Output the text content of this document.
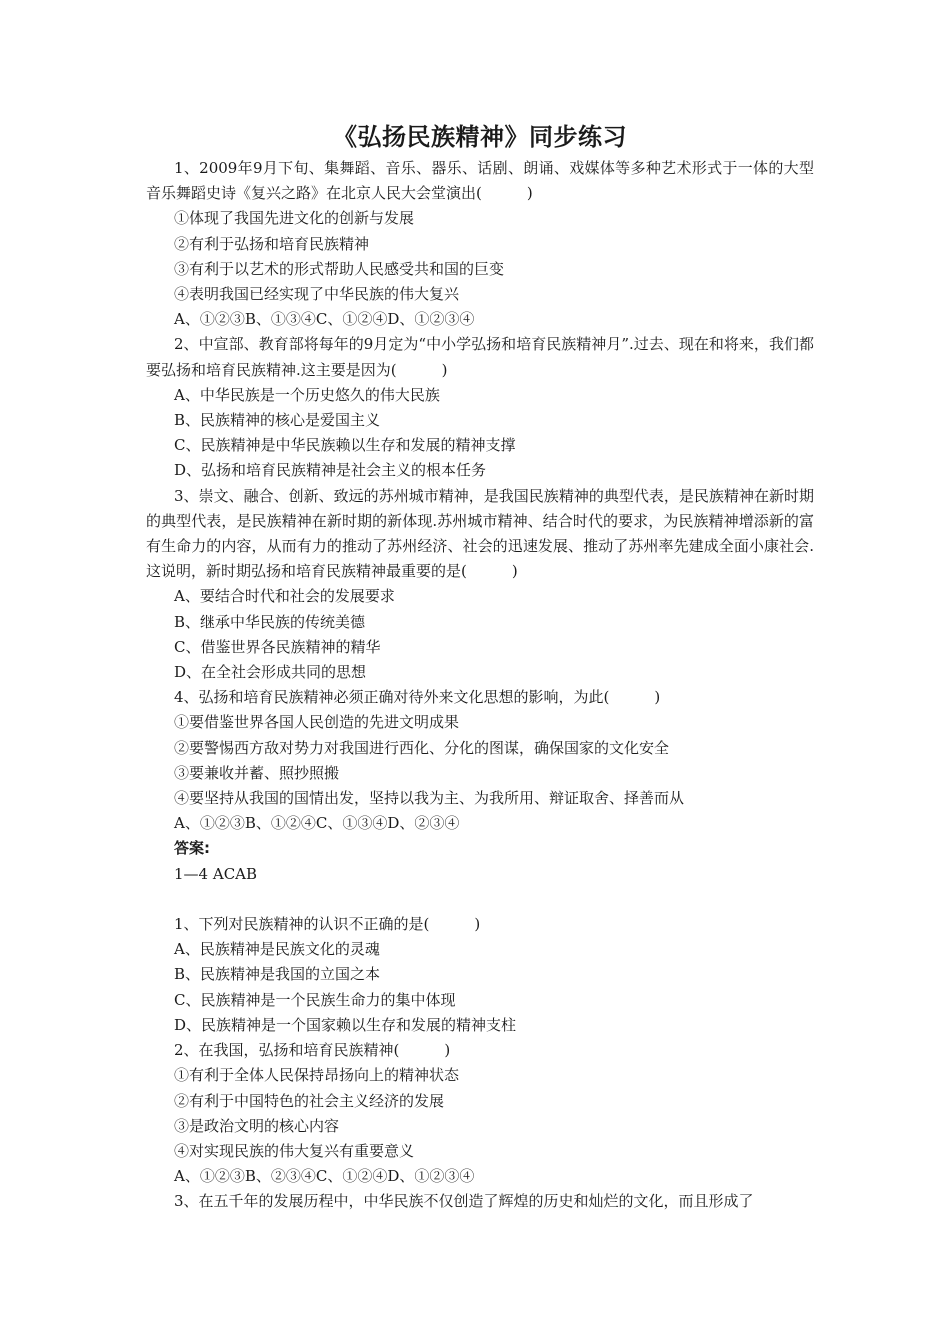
《弘扬民族精神》同步练习
1、2009年9月下旬、集舞蹈、音乐、器乐、话剧、朗诵、戏媒体等多种艺术形式于一体的大型音乐舞蹈史诗《复兴之路》在北京人民大会堂演出(　　　)
①体现了我国先进文化的创新与发展
②有利于弘扬和培育民族精神
③有利于以艺术的形式帮助人民感受共和国的巨变
④表明我国已经实现了中华民族的伟大复兴
A、①②③B、①③④C、①②④D、①②③④
2、中宣部、教育部将每年的9月定为“中小学弘扬和培育民族精神月”.过去、现在和将来，我们都要弘扬和培育民族精神.这主要是因为(　　　)
A、中华民族是一个历史悠久的伟大民族
B、民族精神的核心是爱国主义
C、民族精神是中华民族赖以生存和发展的精神支撑
D、弘扬和培育民族精神是社会主义的根本任务
3、崇文、融合、创新、致远的苏州城市精神，是我国民族精神的典型代表，是民族精神在新时期的典型代表，是民族精神在新时期的新体现.苏州城市精神、结合时代的要求，为民族精神增添新的富有生命力的内容，从而有力的推动了苏州经济、社会的迅速发展、推动了苏州率先建成全面小康社会.这说明，新时期弘扬和培育民族精神最重要的是(　　　)
A、要结合时代和社会的发展要求
B、继承中华民族的传统美德
C、借鉴世界各民族精神的精华
D、在全社会形成共同的思想
4、弘扬和培育民族精神必须正确对待外来文化思想的影响，为此(　　　)
①要借鉴世界各国人民创造的先进文明成果
②要警惕西方敌对势力对我国进行西化、分化的图谋，确保国家的文化安全
③要兼收并蓄、照抄照搬
④要坚持从我国的国情出发，坚持以我为主、为我所用、辩证取舍、择善而从
A、①②③B、①②④C、①③④D、②③④
答案:
1—4 ACAB
1、下列对民族精神的认识不正确的是(　　　)
A、民族精神是民族文化的灵魂
B、民族精神是我国的立国之本
C、民族精神是一个民族生命力的集中体现
D、民族精神是一个国家赖以生存和发展的精神支柱
2、在我国，弘扬和培育民族精神(　　　)
①有利于全体人民保持昂扬向上的精神状态
②有利于中国特色的社会主义经济的发展
③是政治文明的核心内容
④对实现民族的伟大复兴有重要意义
A、①②③B、②③④C、①②④D、①②③④
3、在五千年的发展历程中，中华民族不仅创造了辉煌的历史和灿烂的文化，而且形成了
